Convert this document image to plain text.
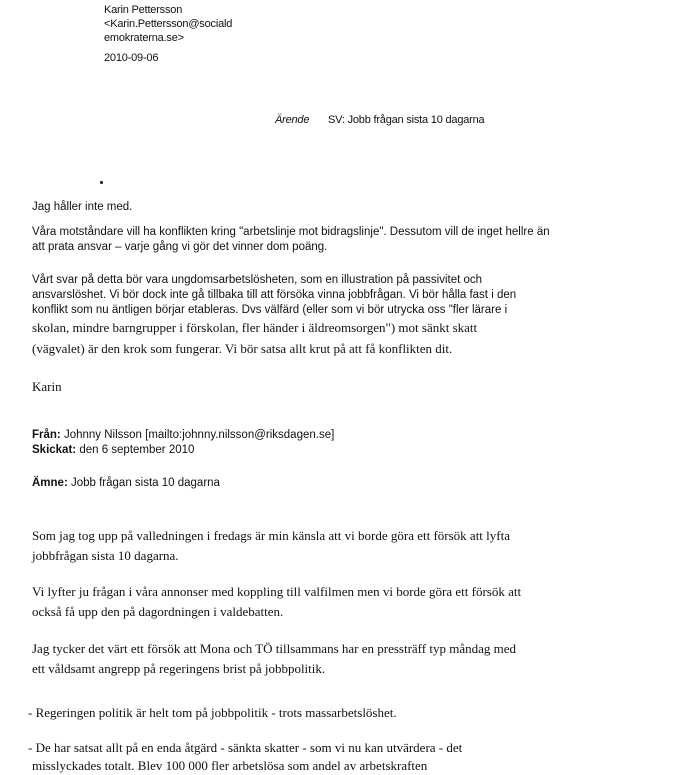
Karin Pettersson
<Karin.Pettersson@sociald
emokraterna.se>
2010-09-06
Ärende SV: Jobb frågan sista 10 dagarna
Jag håller inte med.
Våra motståndare vill ha konflikten kring "arbetslinje mot bidragslinje". Dessutom vill de inget hellre än
att prata ansvar – varje gång vi gör det vinner dom poäng.
Vårt svar på detta bör vara ungdomsarbetslösheten, som en illustration på passivitet och
ansvarslöshet. Vi bör dock inte gå tillbaka till att försöka vinna jobbfrågan. Vi bör hålla fast i den
konflikt som nu äntligen börjar etableras. Dvs välfärd (eller som vi bör utrycka oss "fler lärare i
skolan, mindre barngrupper i förskolan, fler händer i äldreomsorgen") mot sänkt skatt
(vägvalet) är den krok som fungerar. Vi bör satsa allt krut på att få konflikten dit.
Karin
Från: Johnny Nilsson [mailto:johnny.nilsson@riksdagen.se]
Skickat: den 6 september 2010
Ämne: Jobb frågan sista 10 dagarna
Som jag tog upp på valledningen i fredags är min känsla att vi borde göra ett försök att lyfta
jobbfrågan sista 10 dagarna.
Vi lyfter ju frågan i våra annonser med koppling till valfilmen men vi borde göra ett försök att
också få upp den på dagordningen i valdebatten.
Jag tycker det värt ett försök att Mona och TÖ tillsammans har en pressträff typ måndag med
ett våldsamt angrepp på regeringens brist på jobbpolitik.
- Regeringen politik är helt tom på jobbpolitik - trots massarbetslöshet.
- De har satsat allt på en enda åtgärd - sänkta skatter - som vi nu kan utvärdera - det
misslyckades totalt. Blev 100 000 fler arbetslösa som andel av arbetskraften
